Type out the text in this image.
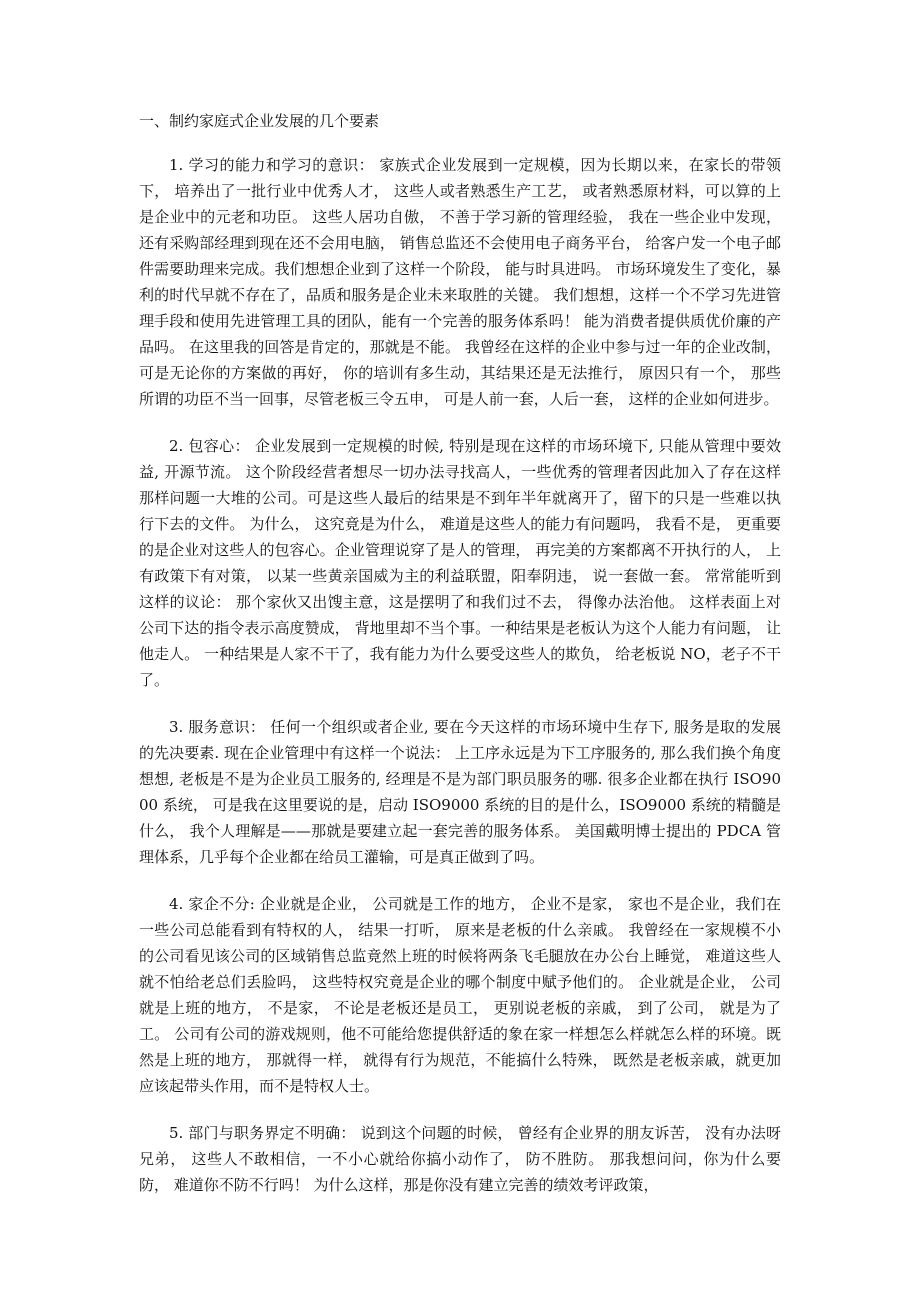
一、制约家庭式企业发展的几个要素

1. 学习的能力和学习的意识： 家族式企业发展到一定规模，因为长期以来，在家长的带领下， 培养出了一批行业中优秀人才， 这些人或者熟悉生产工艺， 或者熟悉原材料，可以算的上是企业中的元老和功臣。 这些人居功自傲， 不善于学习新的管理经验， 我在一些企业中发现， 还有采购部经理到现在还不会用电脑， 销售总监还不会使用电子商务平台， 给客户发一个电子邮件需要助理来完成。我们想想企业到了这样一个阶段， 能与时具进吗。 市场环境发生了变化，暴利的时代早就不存在了，品质和服务是企业未来取胜的关键。 我们想想，这样一个不学习先进管理手段和使用先进管理工具的团队，能有一个完善的服务体系吗！ 能为消费者提供质优价廉的产品吗。 在这里我的回答是肯定的，那就是不能。 我曾经在这样的企业中参与过一年的企业改制， 可是无论你的方案做的再好， 你的培训有多生动，其结果还是无法推行， 原因只有一个， 那些所谓的功臣不当一回事，尽管老板三令五申， 可是人前一套，人后一套， 这样的企业如何进步。

2. 包容心： 企业发展到一定规模的时候, 特别是现在这样的市场环境下, 只能从管理中要效益, 开源节流。 这个阶段经营者想尽一切办法寻找高人，一些优秀的管理者因此加入了存在这样那样问题一大堆的公司。可是这些人最后的结果是不到年半年就离开了，留下的只是一些难以执行下去的文件。 为什么， 这究竟是为什么， 难道是这些人的能力有问题吗， 我看不是， 更重要的是企业对这些人的包容心。企业管理说穿了是人的管理， 再完美的方案都离不开执行的人， 上有政策下有对策， 以某一些黄亲国威为主的利益联盟，阳奉阴违， 说一套做一套。 常常能听到这样的议论： 那个家伙又出馊主意，这是摆明了和我们过不去， 得像办法治他。 这样表面上对公司下达的指令表示高度赞成， 背地里却不当个事。一种结果是老板认为这个人能力有问题， 让他走人。 一种结果是人家不干了，我有能力为什么要受这些人的欺负， 给老板说 NO，老子不干了。

3. 服务意识： 任何一个组织或者企业, 要在今天这样的市场环境中生存下, 服务是取的发展的先决要素. 现在企业管理中有这样一个说法： 上工序永远是为下工序服务的, 那么我们换个角度想想, 老板是不是为企业员工服务的, 经理是不是为部门职员服务的哪. 很多企业都在执行 ISO9000 系统， 可是我在这里要说的是，启动 ISO9000 系统的目的是什么，ISO9000 系统的精髓是什么， 我个人理解是——那就是要建立起一套完善的服务体系。 美国戴明博士提出的 PDCA 管理体系，几乎每个企业都在给员工灌输，可是真正做到了吗。

4. 家企不分: 企业就是企业， 公司就是工作的地方， 企业不是家， 家也不是企业，我们在一些公司总能看到有特权的人， 结果一打听， 原来是老板的什么亲戚。 我曾经在一家规模不小的公司看见该公司的区域销售总监竟然上班的时候将两条飞毛腿放在办公台上睡觉， 难道这些人就不怕给老总们丢脸吗， 这些特权究竟是企业的哪个制度中赋予他们的。 企业就是企业， 公司就是上班的地方， 不是家， 不论是老板还是员工， 更别说老板的亲戚， 到了公司， 就是为了工。 公司有公司的游戏规则，他不可能给您提供舒适的象在家一样想怎么样就怎么样的环境。既然是上班的地方， 那就得一样， 就得有行为规范，不能搞什么特殊， 既然是老板亲戚，就更加应该起带头作用，而不是特权人士。

5. 部门与职务界定不明确： 说到这个问题的时候， 曾经有企业界的朋友诉苦， 没有办法呀兄弟， 这些人不敢相信，一不小心就给你搞小动作了， 防不胜防。 那我想问问，你为什么要防， 难道你不防不行吗！ 为什么这样，那是你没有建立完善的绩效考评政策，
